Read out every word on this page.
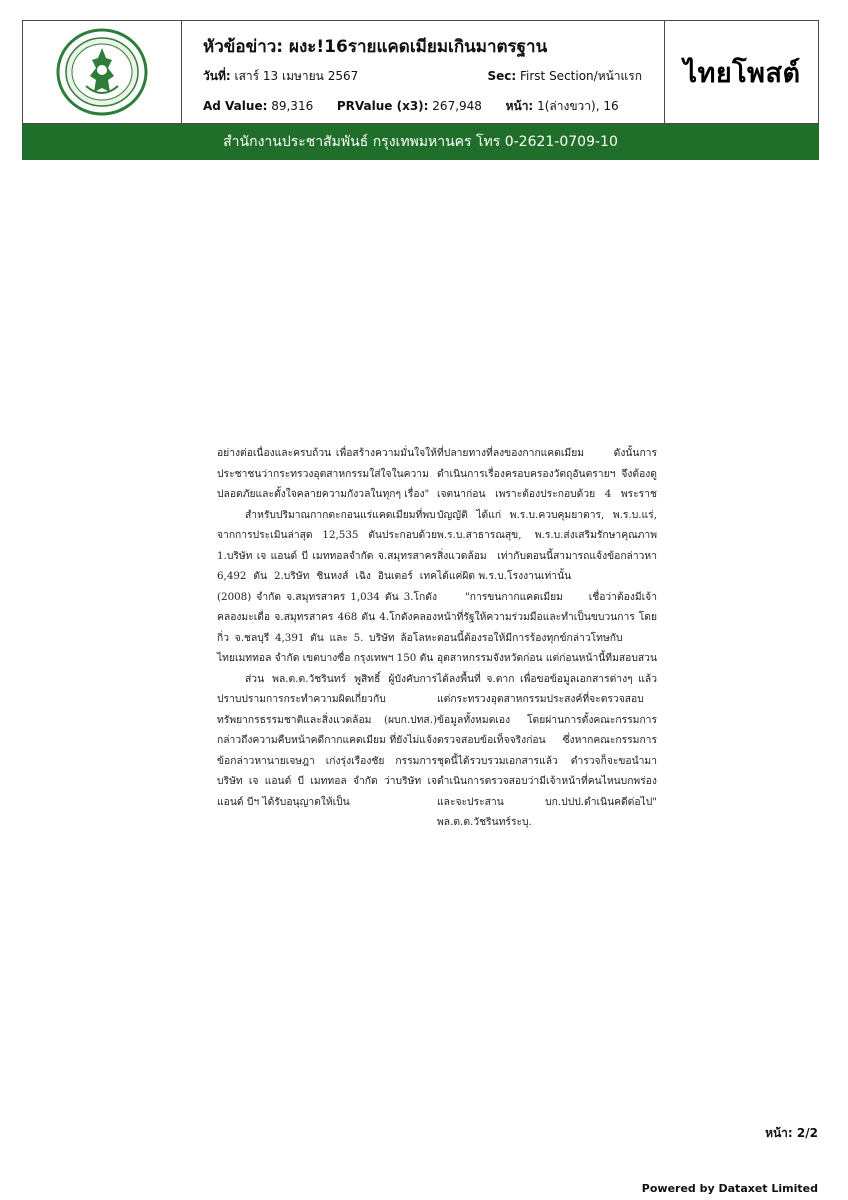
หัวข้อข่าว: ผงะ!16รายแคดเมียมเกินมาตรฐาน
วันที่: เสาร์ 13 เมษายน 2567	Sec: First Section/หน้าแรก
Ad Value: 89,316 PRValue (x3): 267,948 หน้า: 1(ล่างขวา), 16
ไทยโพสต์
สำนักงานประชาสัมพันธ์ กรุงเทพมหานคร โทร 0-2621-0709-10

อย่างต่อเนื่องและครบถ้วน เพื่อสร้างความมั่นใจให้ประชาชนว่ากระทรวงอุตสาหกรรมใส่ใจในความปลอดภัยและตั้งใจคลายความกังวลในทุกๆ เรื่อง"

สำหรับปริมาณกากตะกอนแร่แคดเมียมที่พบจากการประเมินล่าสุด 12,535 ตันประกอบด้วย 1.บริษัท เจ แอนด์ บี เมททอลจำกัด จ.สมุทรสาคร 6,492 ตัน 2.บริษัท ชินหงส์ เฉิง อินเตอร์ เทค (2008) จำกัด จ.สมุทรสาคร 1,034 ตัน 3.โกดังคลองมะเดื่อ จ.สมุทรสาคร 468 ตัน 4.โกดังคลองกิ่ว จ.ชลบุรี 4,391 ตัน และ 5. บริษัท ล้อโลหะไทยเมททอล จำกัด เขตบางซื่อ กรุงเทพฯ 150 ตัน

ส่วน พล.ต.ต.วัชรินทร์ พูสิทธิ์ ผู้บังคับการปราบปรามการกระทำความผิดเกี่ยวกับทรัพยากรธรรมชาติและสิ่งแวดล้อม (ผบก.ปทส.) กล่าวถึงความคืบหน้าคดีกากแคดเมียม ที่ยังไม่แจ้งข้อกล่าวหานายเจษฎา เก่งรุ่งเรืองชัย กรรมการบริษัท เจ แอนด์ บี เมททอล จำกัด ว่าบริษัท เจ แอนด์ บีฯ ได้รับอนุญาตให้เป็น

ที่ปลายทางที่ลงของกากแคดเมียม ดังนั้นการดำเนินการเรื่องครอบครองวัตถุอันตรายฯ จึงต้องดูเจตนาก่อน เพราะต้องประกอบด้วย 4 พระราชบัญญัติ ได้แก่ พ.ร.บ.ควบคุมยาตาร, พ.ร.บ.แร่, พ.ร.บ.สาธารณสุข, พ.ร.บ.ส่งเสริมรักษาคุณภาพสิ่งแวดล้อม เท่ากับตอนนี้สามารถแจ้งข้อกล่าวหาได้แค่ผิด พ.ร.บ.โรงงานเท่านั้น

"การขนกากแคดเมียม เชื่อว่าต้องมีเจ้าหน้าที่รัฐให้ความร่วมมือและทำเป็นขบวนการ โดยตอนนี้ต้องรอให้มีการร้องทุกข์กล่าวโทษกับอุตสาหกรรมจังหวัดก่อน แต่ก่อนหน้านี้ทีมสอบสวนได้ลงพื้นที่ จ.ตาก เพื่อขอข้อมูลเอกสารต่างๆ แล้ว แต่กระทรวงอุตสาหกรรมประสงค์ที่จะตรวจสอบข้อมูลทั้งหมดเอง โดยผ่านการตั้งคณะกรรมการตรวจสอบข้อเท็จจริงก่อน ซึ่งหากคณะกรรมการชุดนี้ได้รวบรวมเอกสารแล้ว ตำรวจก็จะขอนำมาดำเนินการตรวจสอบว่ามีเจ้าหน้าที่คนไหนบกพร่อง และจะประสาน บก.ปปป.ดำเนินคดีต่อไป" พล.ต.ต.วัชรินทร์ระบุ.

หน้า: 2/2
Powered by Dataxet Limited
